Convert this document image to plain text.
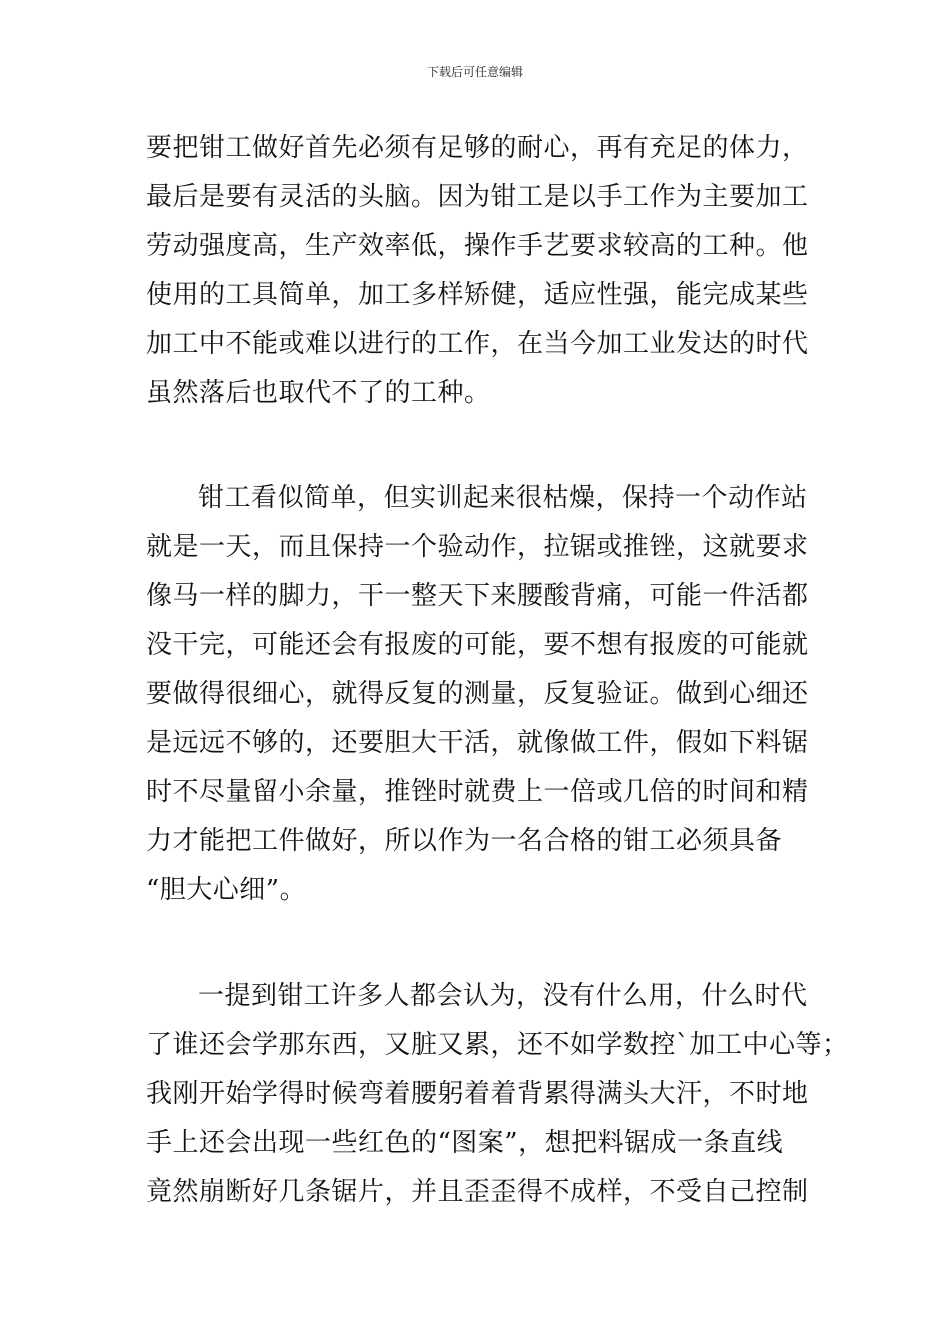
下载后可任意编辑

要把钳工做好首先必须有足够的耐心，再有充足的体力，
最后是要有灵活的头脑。因为钳工是以手工作为主要加工
劳动强度高，生产效率低，操作手艺要求较高的工种。他
使用的工具简单，加工多样矫健，适应性强，能完成某些
加工中不能或难以进行的工作，在当今加工业发达的时代
虽然落后也取代不了的工种。

钳工看似简单，但实训起来很枯燥，保持一个动作站
就是一天，而且保持一个验动作，拉锯或推锉，这就要求
像马一样的脚力，干一整天下来腰酸背痛，可能一件活都
没干完，可能还会有报废的可能，要不想有报废的可能就
要做得很细心，就得反复的测量，反复验证。做到心细还
是远远不够的，还要胆大干活，就像做工件，假如下料锯
时不尽量留小余量，推锉时就费上一倍或几倍的时间和精
力才能把工件做好，所以作为一名合格的钳工必须具备
“胆大心细”。

一提到钳工许多人都会认为，没有什么用，什么时代
了谁还会学那东西，又脏又累，还不如学数控`加工中心等；
我刚开始学得时候弯着腰躬着着背累得满头大汗，不时地
手上还会出现一些红色的“图案”，想把料锯成一条直线
竟然崩断好几条锯片，并且歪歪得不成样，不受自己控制
